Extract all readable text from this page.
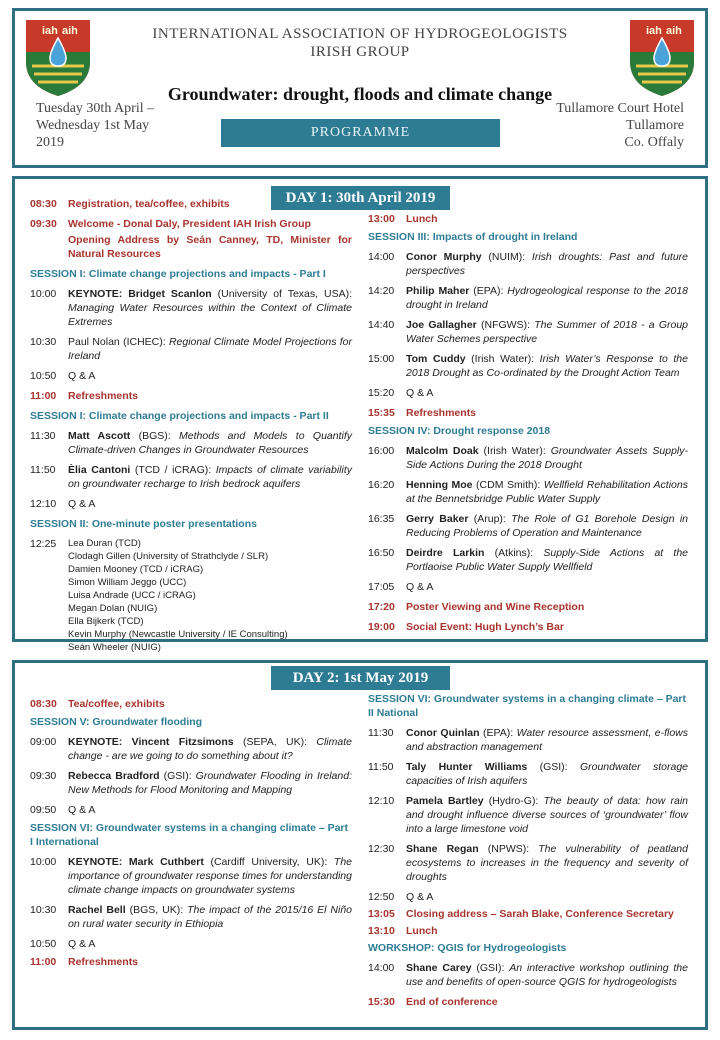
iah aih	iah aih
INTERNATIONAL ASSOCIATION OF HYDROGEOLOGISTS
IRISH GROUP
Groundwater: drought, floods and climate change
Tuesday 30th April –
Wednesday 1st May
2019
PROGRAMME
Tullamore Court Hotel
Tullamore
Co. Offaly
DAY 1: 30th April 2019
08:30	Registration, tea/coffee, exhibits
09:30	Welcome - Donal Daly, President IAH Irish Group
Opening Address by Seán Canney, TD, Minister for Natural Resources
SESSION I: Climate change projections and impacts - Part I
10:00	KEYNOTE: Bridget Scanlon (University of Texas, USA): Managing Water Resources within the Context of Climate Extremes
10:30	Paul Nolan (ICHEC): Regional Climate Model Projections for Ireland
10:50	Q & A
11:00	Refreshments
SESSION I: Climate change projections and impacts - Part II
11:30	Matt Ascott (BGS): Methods and Models to Quantify Climate-driven Changes in Groundwater Resources
11:50	Èlia Cantoni (TCD / iCRAG): Impacts of climate variability on groundwater recharge to Irish bedrock aquifers
12:10	Q & A
SESSION II: One-minute poster presentations
12:25	Lea Duran (TCD)
Clodagh Gillen (University of Strathclyde / SLR)
Damien Mooney (TCD / iCRAG)
Simon William Jeggo (UCC)
Luisa Andrade (UCC / iCRAG)
Megan Dolan (NUIG)
Ella Bijkerk (TCD)
Kevin Murphy (Newcastle University / IE Consulting)
Seán Wheeler (NUIG)
13:00	Lunch
SESSION III: Impacts of drought in Ireland
14:00	Conor Murphy (NUIM): Irish droughts: Past and future perspectives
14:20	Philip Maher (EPA): Hydrogeological response to the 2018 drought in Ireland
14:40	Joe Gallagher (NFGWS): The Summer of 2018 - a Group Water Schemes perspective
15:00	Tom Cuddy (Irish Water): Irish Water’s Response to the 2018 Drought as Co-ordinated by the Drought Action Team
15:20	Q & A
15:35	Refreshments
SESSION IV: Drought response 2018
16:00	Malcolm Doak (Irish Water): Groundwater Assets Supply-Side Actions During the 2018 Drought
16:20	Henning Moe (CDM Smith): Wellfield Rehabilitation Actions at the Bennetsbridge Public Water Supply
16:35	Gerry Baker (Arup): The Role of G1 Borehole Design in Reducing Problems of Operation and Maintenance
16:50	Deirdre Larkin (Atkins): Supply-Side Actions at the Portlaoise Public Water Supply Wellfield
17:05	Q & A
17:20	Poster Viewing and Wine Reception
19:00	Social Event: Hugh Lynch’s Bar
DAY 2: 1st May 2019
08:30	Tea/coffee, exhibits
SESSION V: Groundwater flooding
09:00	KEYNOTE: Vincent Fitzsimons (SEPA, UK): Climate change - are we going to do something about it?
09:30	Rebecca Bradford (GSI): Groundwater Flooding in Ireland: New Methods for Flood Monitoring and Mapping
09:50	Q & A
SESSION VI: Groundwater systems in a changing climate – Part I International
10:00	KEYNOTE: Mark Cuthbert (Cardiff University, UK): The importance of groundwater response times for understanding climate change impacts on groundwater systems
10:30	Rachel Bell (BGS, UK): The impact of the 2015/16 El Niño on rural water security in Ethiopia
10:50	Q & A
11:00	Refreshments
SESSION VI: Groundwater systems in a changing climate – Part II National
11:30	Conor Quinlan (EPA): Water resource assessment, e-flows and abstraction management
11:50	Taly Hunter Williams (GSI): Groundwater storage capacities of Irish aquifers
12:10	Pamela Bartley (Hydro-G): The beauty of data: how rain and drought influence diverse sources of ‘groundwater’ flow into a large limestone void
12:30	Shane Regan (NPWS): The vulnerability of peatland ecosystems to increases in the frequency and severity of droughts
12:50	Q & A
13:05	Closing address – Sarah Blake, Conference Secretary
13:10	Lunch
WORKSHOP: QGIS for Hydrogeologists
14:00	Shane Carey (GSI): An interactive workshop outlining the use and benefits of open-source QGIS for hydrogeologists
15:30	End of conference
